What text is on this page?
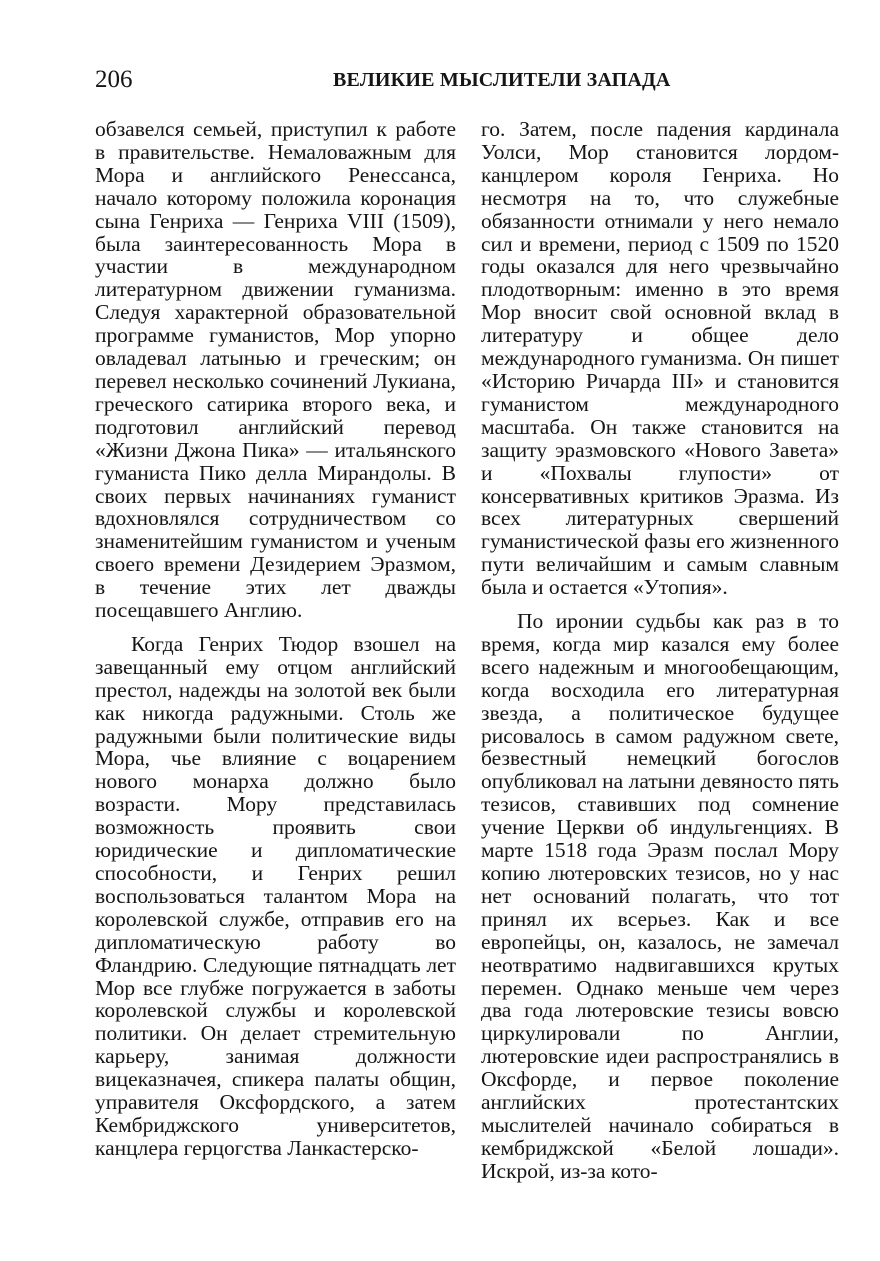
206	ВЕЛИКИЕ МЫСЛИТЕЛИ ЗАПАДА

обзавелся семьей, приступил к работе в правительстве. Немаловажным для Мора и английского Ренессанса, начало которому положила коронация сына Генриха — Генриха VIII (1509), была заинтересованность Мора в участии в международном литературном движении гуманизма. Следуя характерной образовательной программе гуманистов, Мор упорно овладевал латынью и греческим; он перевел несколько сочинений Лукиана, греческого сатирика второго века, и подготовил английский перевод «Жизни Джона Пика» — итальянского гуманиста Пико делла Мирандолы. В своих первых начинаниях гуманист вдохновлялся сотрудничеством со знаменитейшим гуманистом и ученым своего времени Дезидерием Эразмом, в течение этих лет дважды посещавшего Англию.

Когда Генрих Тюдор взошел на завещанный ему отцом английский престол, надежды на золотой век были как никогда радужными. Столь же радужными были политические виды Мора, чье влияние с воцарением нового монарха должно было возрасти. Мору представилась возможность проявить свои юридические и дипломатические способности, и Генрих решил воспользоваться талантом Мора на королевской службе, отправив его на дипломатическую работу во Фландрию. Следующие пятнадцать лет Мор все глубже погружается в заботы королевской службы и королевской политики. Он делает стремительную карьеру, занимая должности вицеказначея, спикера палаты общин, управителя Оксфордского, а затем Кембриджского университетов, канцлера герцогства Ланкастерско-

го. Затем, после падения кардинала Уолси, Мор становится лордом-канцлером короля Генриха. Но несмотря на то, что служебные обязанности отнимали у него немало сил и времени, период с 1509 по 1520 годы оказался для него чрезвычайно плодотворным: именно в это время Мор вносит свой основной вклад в литературу и общее дело международного гуманизма. Он пишет «Историю Ричарда III» и становится гуманистом международного масштаба. Он также становится на защиту эразмовского «Нового Завета» и «Похвалы глупости» от консервативных критиков Эразма. Из всех литературных свершений гуманистической фазы его жизненного пути величайшим и самым славным была и остается «Утопия».

По иронии судьбы как раз в то время, когда мир казался ему более всего надежным и многообещающим, когда восходила его литературная звезда, а политическое будущее рисовалось в самом радужном свете, безвестный немецкий богослов опубликовал на латыни девяносто пять тезисов, ставивших под сомнение учение Церкви об индульгенциях. В марте 1518 года Эразм послал Мору копию лютеровских тезисов, но у нас нет оснований полагать, что тот принял их всерьез. Как и все европейцы, он, казалось, не замечал неотвратимо надвигавшихся крутых перемен. Однако меньше чем через два года лютеровские тезисы вовсю циркулировали по Англии, лютеровские идеи распространялись в Оксфорде, и первое поколение английских протестантских мыслителей начинало собираться в кембриджской «Белой лошади». Искрой, из-за кото-
